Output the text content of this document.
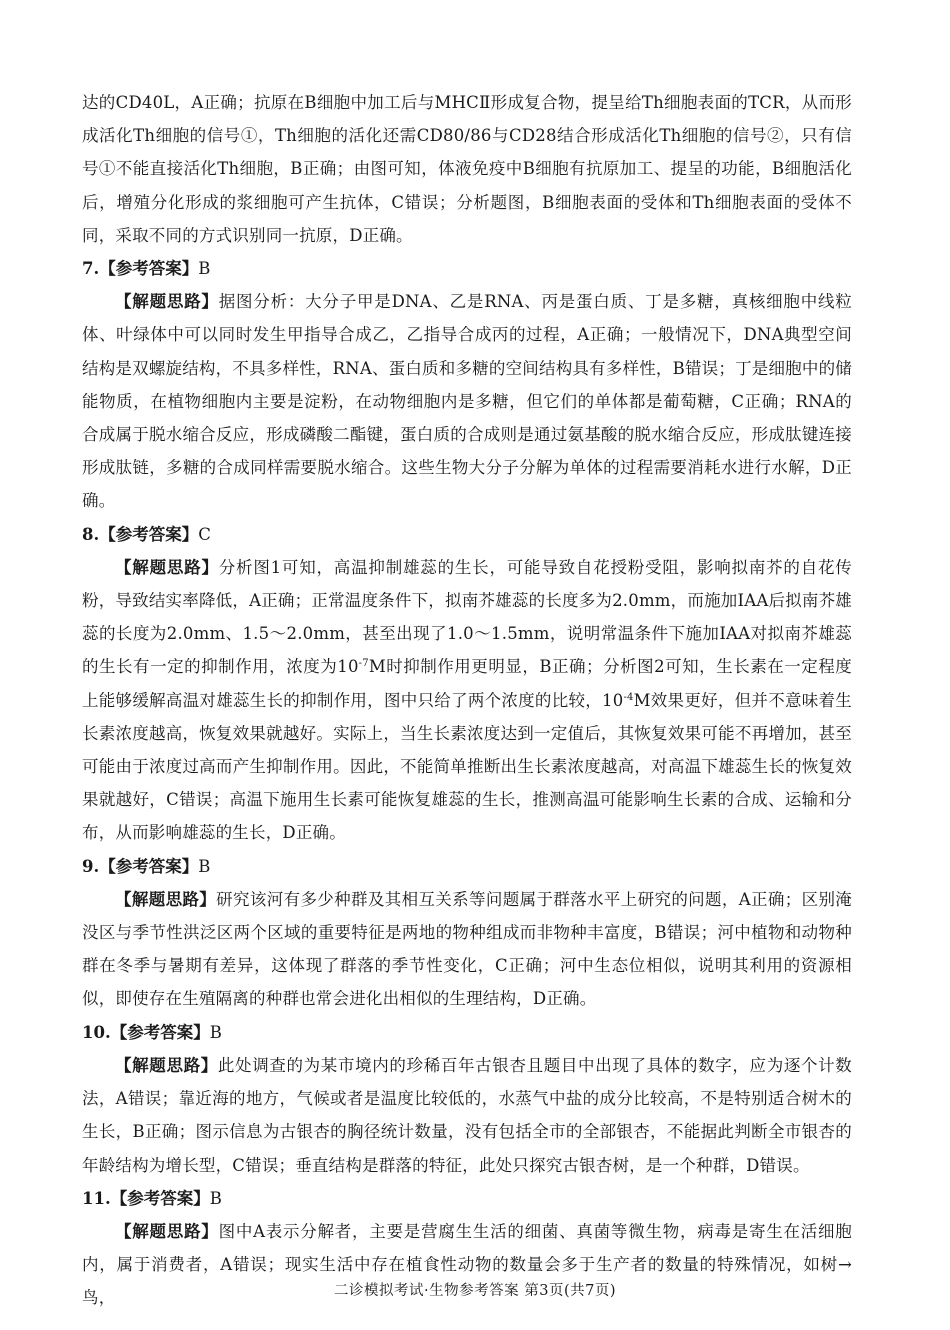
达的CD40L，A正确；抗原在B细胞中加工后与MHCⅡ形成复合物，提呈给Th细胞表面的TCR，从而形成活化Th细胞的信号①，Th细胞的活化还需CD80/86与CD28结合形成活化Th细胞的信号②，只有信号①不能直接活化Th细胞，B正确；由图可知，体液免疫中B细胞有抗原加工、提呈的功能，B细胞活化后，增殖分化形成的浆细胞可产生抗体，C错误；分析题图，B细胞表面的受体和Th细胞表面的受体不同，采取不同的方式识别同一抗原，D正确。

7.【参考答案】B

【解题思路】据图分析：大分子甲是DNA、乙是RNA、丙是蛋白质、丁是多糖，真核细胞中线粒体、叶绿体中可以同时发生甲指导合成乙，乙指导合成丙的过程，A正确；一般情况下，DNA典型空间结构是双螺旋结构，不具多样性，RNA、蛋白质和多糖的空间结构具有多样性，B错误；丁是细胞中的储能物质，在植物细胞内主要是淀粉，在动物细胞内是多糖，但它们的单体都是葡萄糖，C正确；RNA的合成属于脱水缩合反应，形成磷酸二酯键，蛋白质的合成则是通过氨基酸的脱水缩合反应，形成肽键连接形成肽链，多糖的合成同样需要脱水缩合。这些生物大分子分解为单体的过程需要消耗水进行水解，D正确。

8.【参考答案】C

【解题思路】分析图1可知，高温抑制雄蕊的生长，可能导致自花授粉受阻，影响拟南芥的自花传粉，导致结实率降低，A正确；正常温度条件下，拟南芥雄蕊的长度多为2.0mm，而施加IAA后拟南芥雄蕊的长度为2.0mm、1.5～2.0mm，甚至出现了1.0～1.5mm，说明常温条件下施加IAA对拟南芥雄蕊的生长有一定的抑制作用，浓度为$10^{-7}M$时抑制作用更明显，B正确；分析图2可知，生长素在一定程度上能够缓解高温对雄蕊生长的抑制作用，图中只给了两个浓度的比较，$10^{-4}M$效果更好，但并不意味着生长素浓度越高，恢复效果就越好。实际上，当生长素浓度达到一定值后，其恢复效果可能不再增加，甚至可能由于浓度过高而产生抑制作用。因此，不能简单推断出生长素浓度越高，对高温下雄蕊生长的恢复效果就越好，C错误；高温下施用生长素可能恢复雄蕊的生长，推测高温可能影响生长素的合成、运输和分布，从而影响雄蕊的生长，D正确。

9.【参考答案】B

【解题思路】研究该河有多少种群及其相互关系等问题属于群落水平上研究的问题，A正确；区别淹没区与季节性洪泛区两个区域的重要特征是两地的物种组成而非物种丰富度，B错误；河中植物和动物种群在冬季与暑期有差异，这体现了群落的季节性变化，C正确；河中生态位相似，说明其利用的资源相似，即使存在生殖隔离的种群也常会进化出相似的生理结构，D正确。

10.【参考答案】B

【解题思路】此处调查的为某市境内的珍稀百年古银杏且题目中出现了具体的数字，应为逐个计数法，A错误；靠近海的地方，气候或者是温度比较低的，水蒸气中盐的成分比较高，不是特别适合树木的生长，B正确；图示信息为古银杏的胸径统计数量，没有包括全市的全部银杏，不能据此判断全市银杏的年龄结构为增长型，C错误；垂直结构是群落的特征，此处只探究古银杏树，是一个种群，D错误。

11.【参考答案】B

【解题思路】图中A表示分解者，主要是营腐生生活的细菌、真菌等微生物，病毒是寄生在活细胞内，属于消费者，A错误；现实生活中存在植食性动物的数量会多于生产者的数量的特殊情况，如树→鸟，	二诊模拟考试·生物参考答案 第3页(共7页)
